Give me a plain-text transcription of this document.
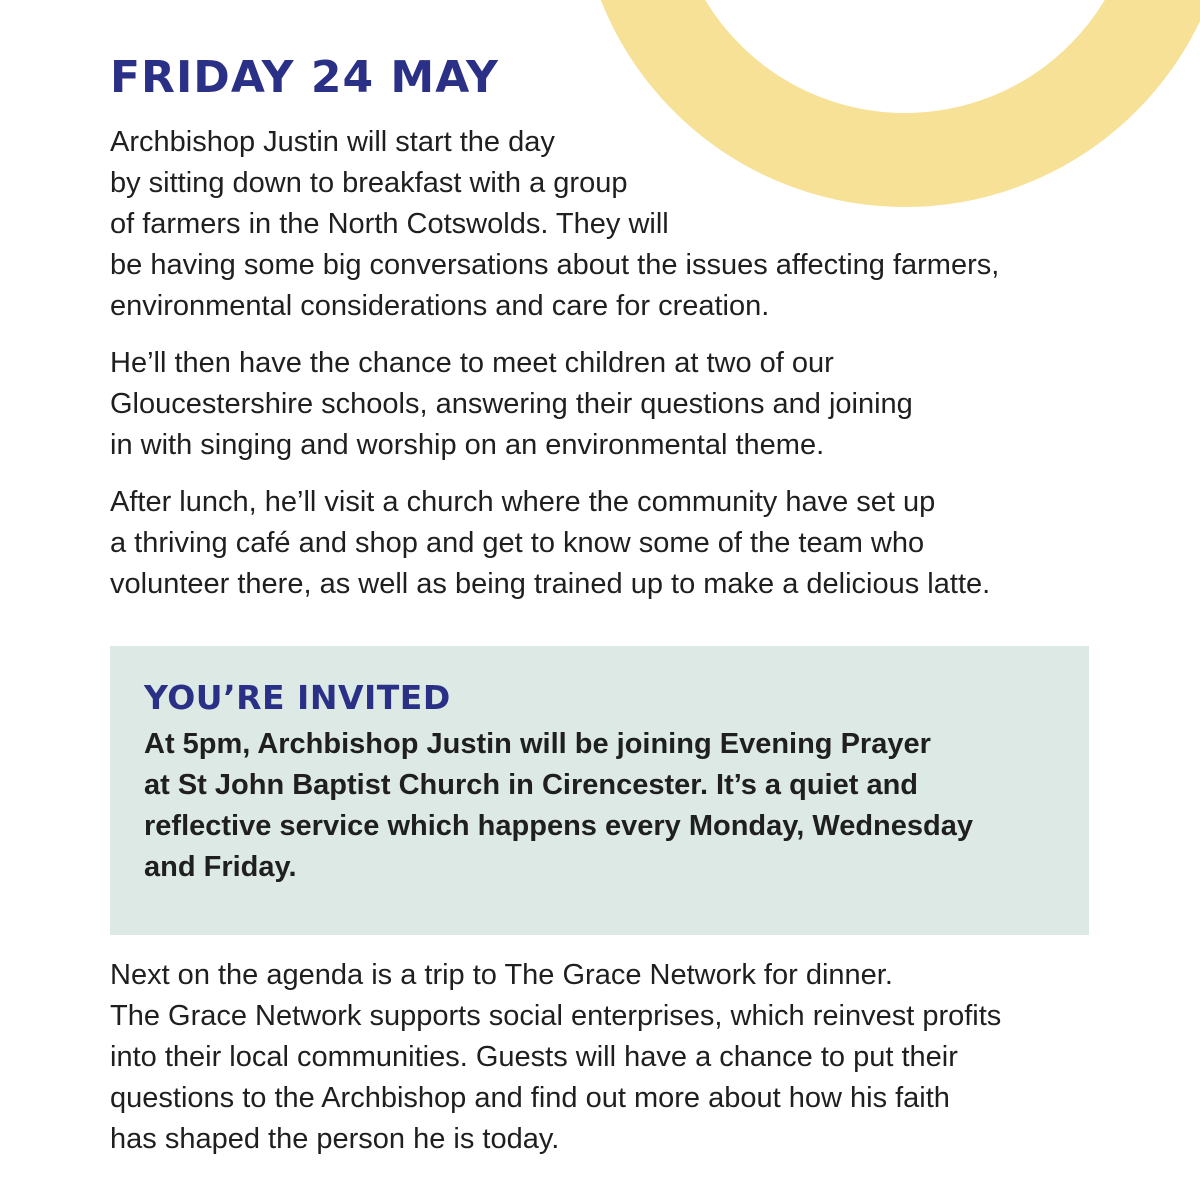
FRIDAY 24 MAY

Archbishop Justin will start the day
by sitting down to breakfast with a group
of farmers in the North Cotswolds. They will
be having some big conversations about the issues affecting farmers,
environmental considerations and care for creation.

He’ll then have the chance to meet children at two of our
Gloucestershire schools, answering their questions and joining
in with singing and worship on an environmental theme.

After lunch, he’ll visit a church where the community have set up
a thriving café and shop and get to know some of the team who
volunteer there, as well as being trained up to make a delicious latte.

YOU’RE INVITED

At 5pm, Archbishop Justin will be joining Evening Prayer
at St John Baptist Church in Cirencester. It’s a quiet and
reflective service which happens every Monday, Wednesday
and Friday.

Next on the agenda is a trip to The Grace Network for dinner.
The Grace Network supports social enterprises, which reinvest profits
into their local communities. Guests will have a chance to put their
questions to the Archbishop and find out more about how his faith
has shaped the person he is today.
